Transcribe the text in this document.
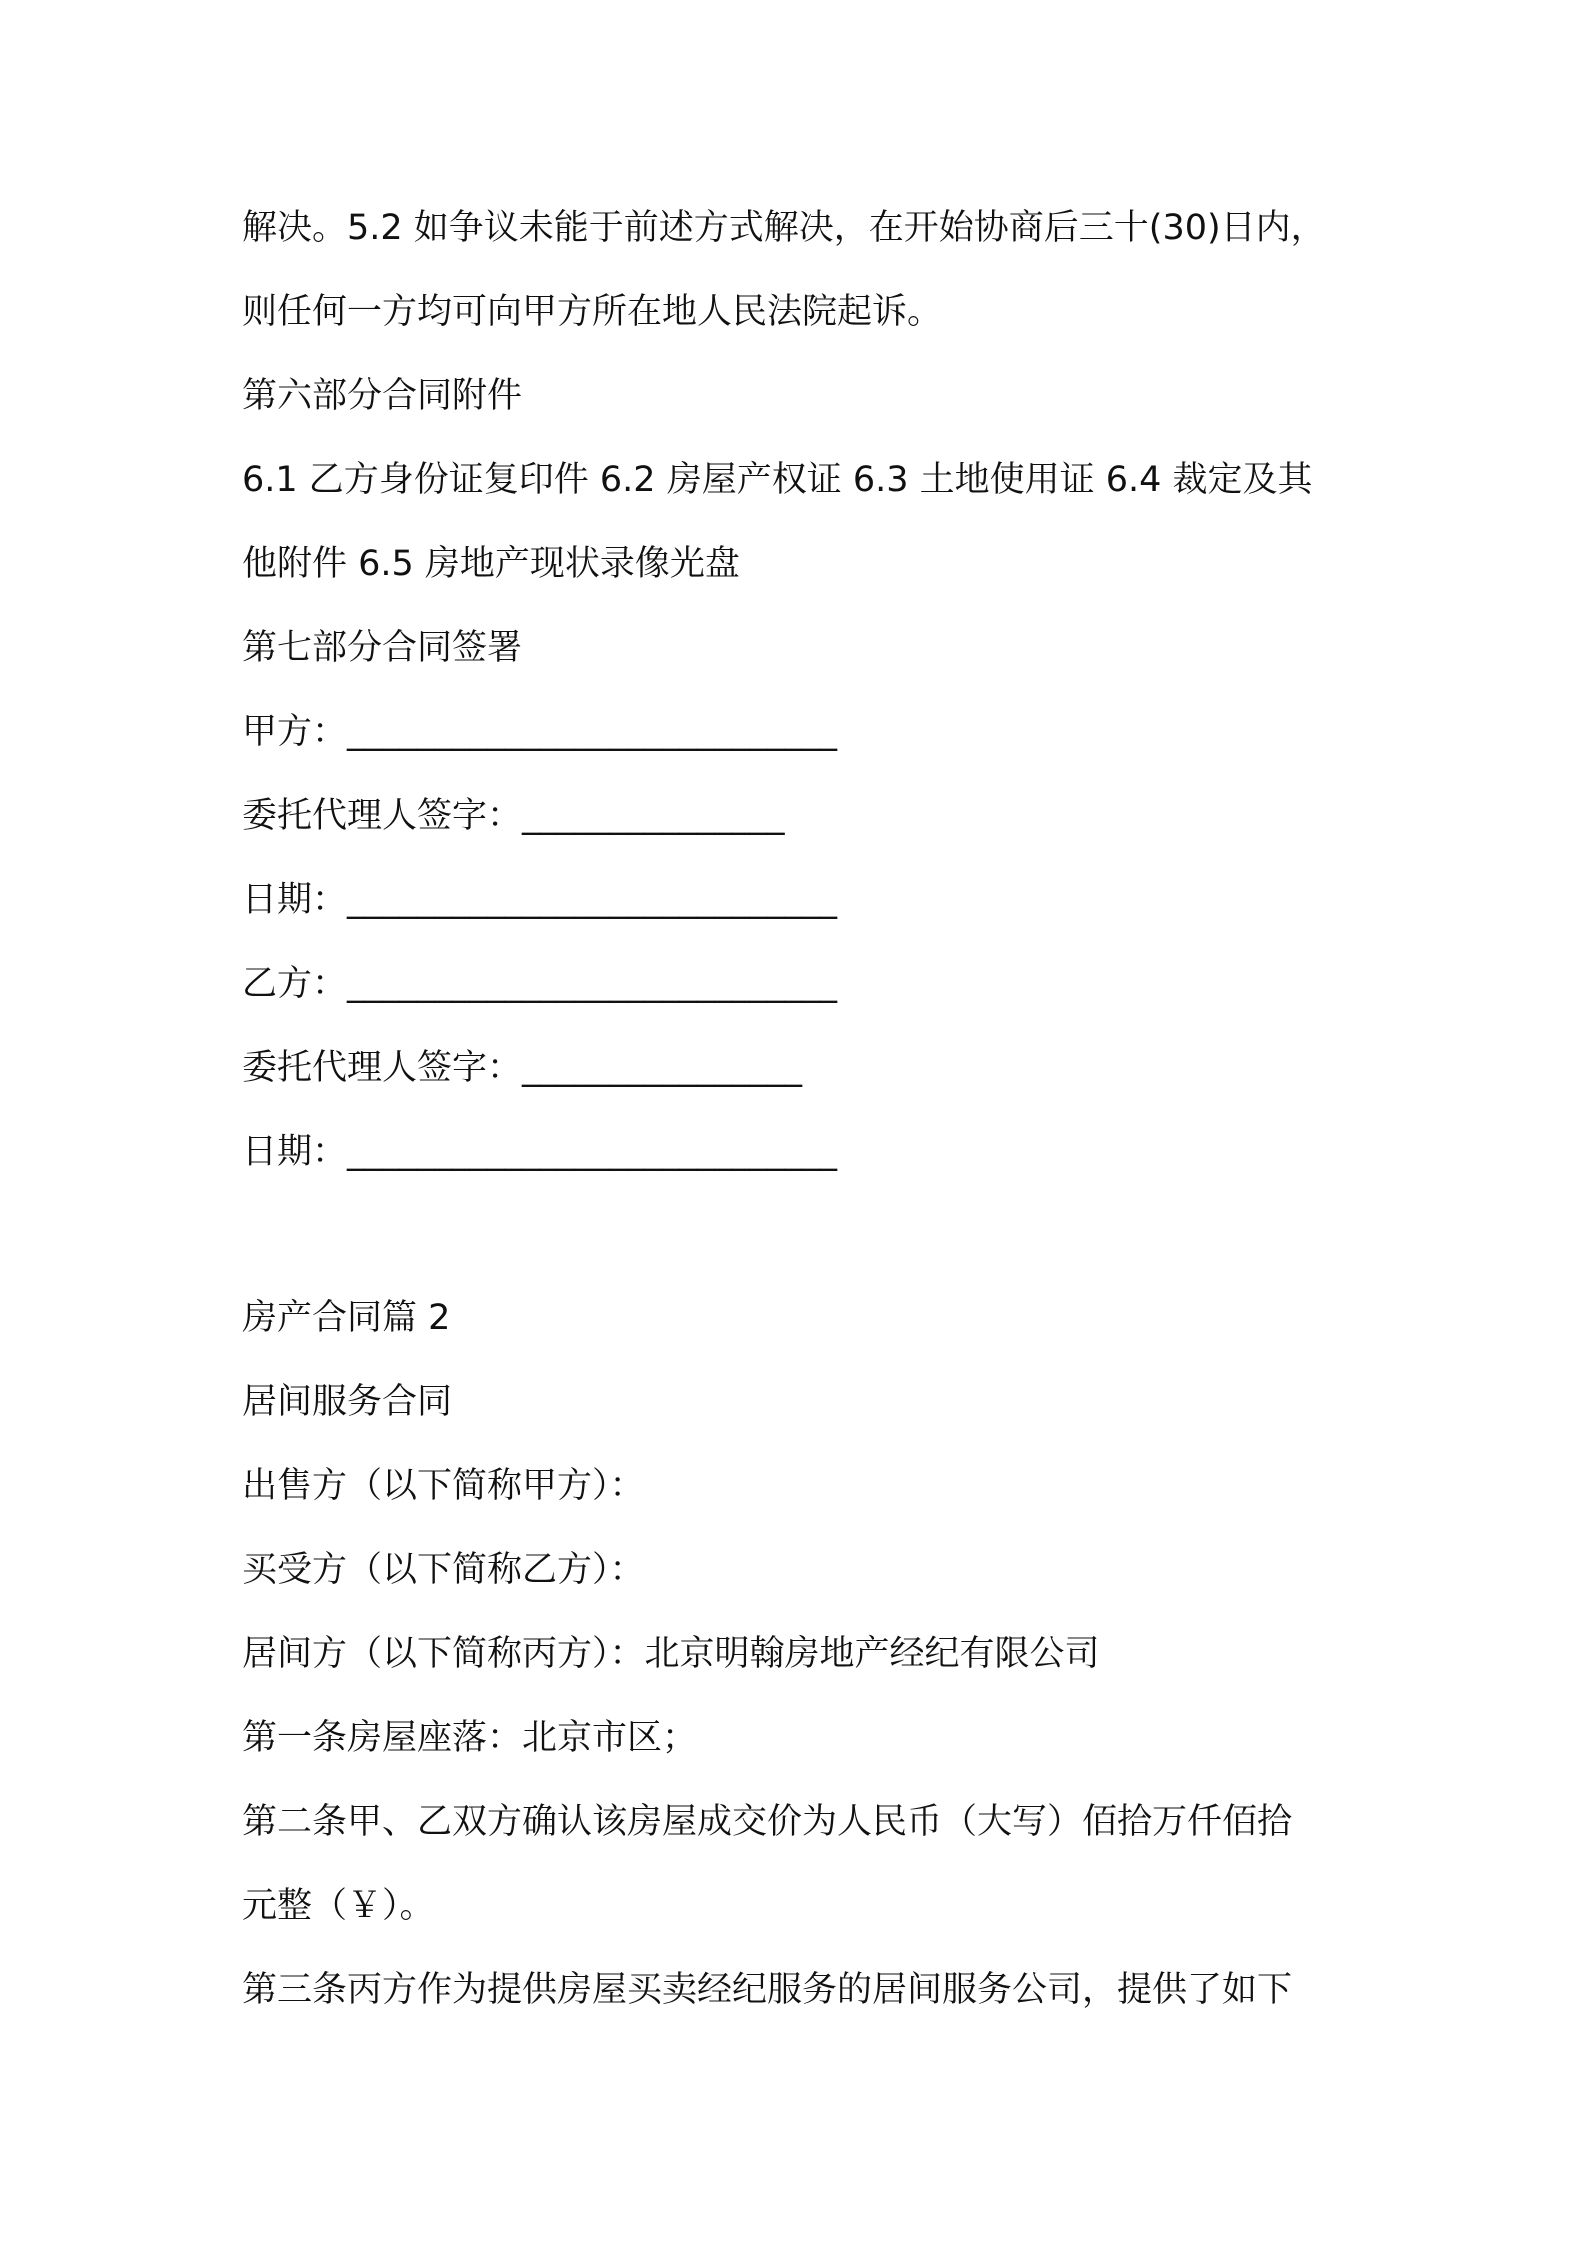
解决。5.2 如争议未能于前述方式解决，在开始协商后三十(30)日内，
则任何一方均可向甲方所在地人民法院起诉。
第六部分合同附件
6.1 乙方身份证复印件 6.2 房屋产权证 6.3 土地使用证 6.4 裁定及其
他附件 6.5 房地产现状录像光盘
第七部分合同签署
甲方：____________________________
委托代理人签字：_______________
日期：____________________________
乙方：____________________________
委托代理人签字：________________
日期：____________________________
房产合同篇 2
居间服务合同
出售方（以下简称甲方）：
买受方（以下简称乙方）：
居间方（以下简称丙方）：北京明翰房地产经纪有限公司
第一条房屋座落：北京市区；
第二条甲、乙双方确认该房屋成交价为人民币（大写）佰拾万仟佰拾
元整（￥）。
第三条丙方作为提供房屋买卖经纪服务的居间服务公司，提供了如下
